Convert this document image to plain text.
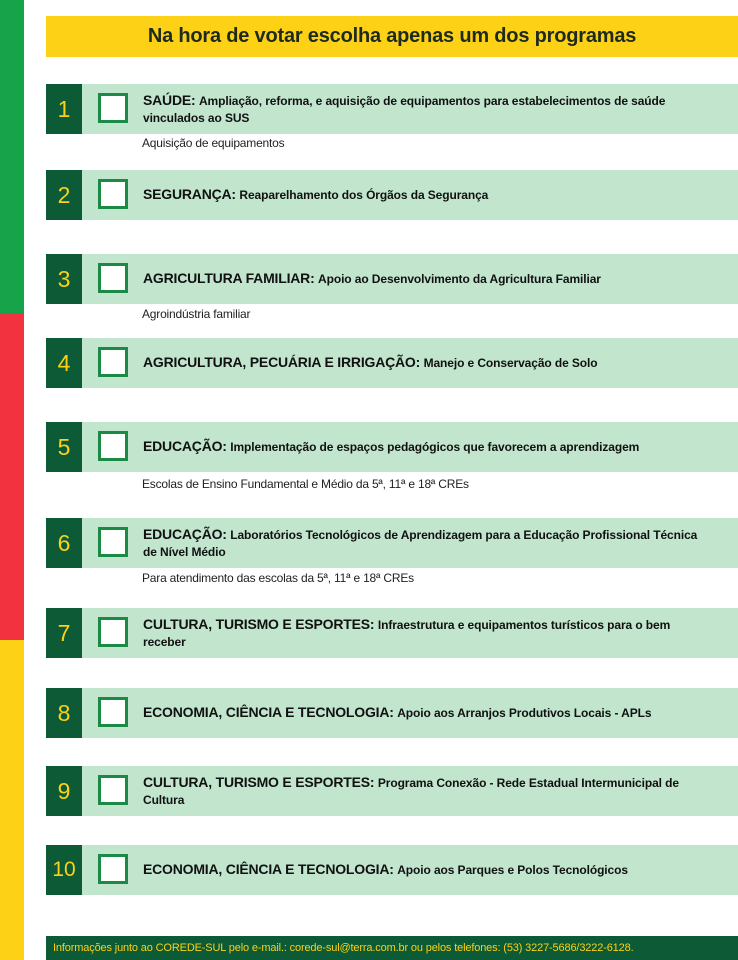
Na hora de votar escolha apenas um dos programas
1	SAÚDE: Ampliação, reforma, e aquisição de equipamentos para estabelecimentos de saúde vinculados ao SUS
Aquisição de equipamentos
2	SEGURANÇA: Reaparelhamento dos Órgãos da Segurança
3	AGRICULTURA FAMILIAR: Apoio ao Desenvolvimento da Agricultura Familiar
Agroindústria familiar
4	AGRICULTURA, PECUÁRIA E IRRIGAÇÃO: Manejo e Conservação de Solo
5	EDUCAÇÃO: Implementação de espaços pedagógicos que favorecem a aprendizagem
Escolas de Ensino Fundamental e Médio da 5ª, 11ª e 18ª CREs
6	EDUCAÇÃO: Laboratórios Tecnológicos de Aprendizagem para a Educação Profissional Técnica de Nível Médio
Para atendimento das escolas da 5ª, 11ª e 18ª CREs
7	CULTURA, TURISMO E ESPORTES: Infraestrutura e equipamentos turísticos para o bem receber
8	ECONOMIA, CIÊNCIA E TECNOLOGIA: Apoio aos Arranjos Produtivos Locais - APLs
9	CULTURA, TURISMO E ESPORTES: Programa Conexão - Rede Estadual Intermunicipal de Cultura
10	ECONOMIA, CIÊNCIA E TECNOLOGIA: Apoio aos Parques e Polos Tecnológicos
Informações junto ao COREDE-SUL pelo e-mail.: corede-sul@terra.com.br ou pelos telefones: (53) 3227-5686/3222-6128.
